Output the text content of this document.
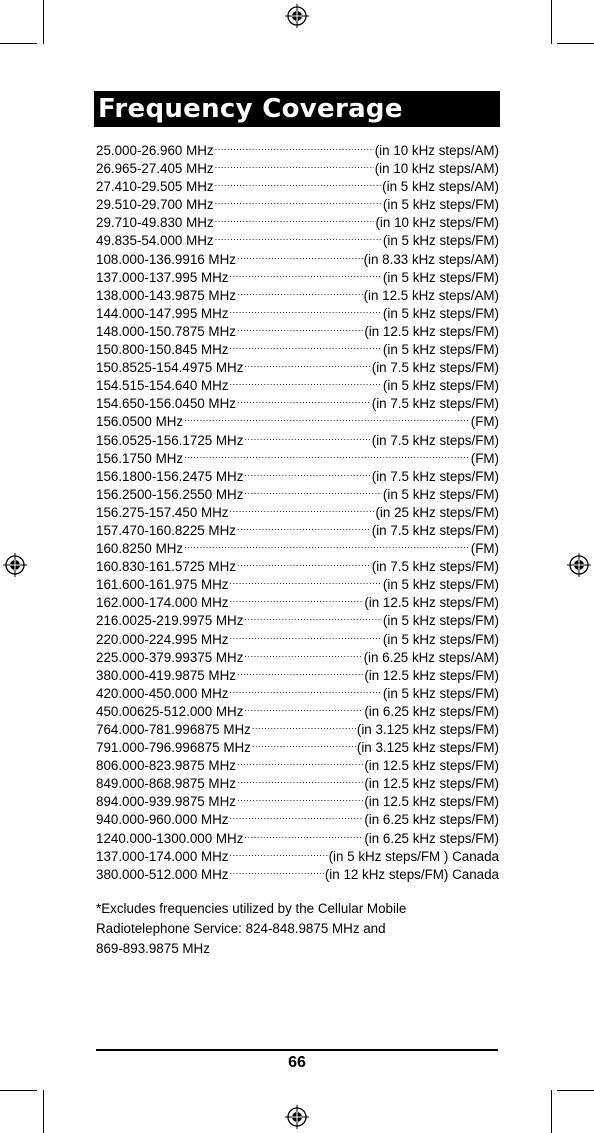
Frequency Coverage
25.000-26.960 MHz .....	(in 10 kHz steps/AM)
26.965-27.405 MHz .....	(in 10 kHz steps/AM)
27.410-29.505 MHz .....	(in 5 kHz steps/AM)
29.510-29.700 MHz .....	(in 5 kHz steps/FM)
29.710-49.830 MHz .....	(in 10 kHz steps/FM)
49.835-54.000 MHz .....	(in 5 kHz steps/FM)
108.000-136.9916 MHz .....	(in 8.33 kHz steps/AM)
137.000-137.995 MHz .....	(in 5 kHz steps/FM)
138.000-143.9875 MHz .....	(in 12.5 kHz steps/AM)
144.000-147.995 MHz .....	(in 5 kHz steps/FM)
148.000-150.7875 MHz .....	(in 12.5 kHz steps/FM)
150.800-150.845 MHz .....	(in 5 kHz steps/FM)
150.8525-154.4975 MHz .....	(in 7.5 kHz steps/FM)
154.515-154.640 MHz .....	(in 5 kHz steps/FM)
154.650-156.0450 MHz .....	(in 7.5 kHz steps/FM)
156.0500 MHz .....	(FM)
156.0525-156.1725 MHz .....	(in 7.5 kHz steps/FM)
156.1750 MHz .....	(FM)
156.1800-156.2475 MHz .....	(in 7.5 kHz steps/FM)
156.2500-156.2550 MHz .....	(in 5 kHz steps/FM)
156.275-157.450 MHz .....	(in 25 kHz steps/FM)
157.470-160.8225 MHz .....	(in 7.5 kHz steps/FM)
160.8250 MHz .....	(FM)
160.830-161.5725 MHz .....	(in 7.5 kHz steps/FM)
161.600-161.975 MHz .....	(in 5 kHz steps/FM)
162.000-174.000 MHz .....	(in 12.5 kHz steps/FM)
216.0025-219.9975 MHz .....	(in 5 kHz steps/FM)
220.000-224.995 MHz .....	(in 5 kHz steps/FM)
225.000-379.99375 MHz .....	(in 6.25 kHz steps/AM)
380.000-419.9875 MHz .....	(in 12.5 kHz steps/FM)
420.000-450.000 MHz .....	(in 5 kHz steps/FM)
450.00625-512.000 MHz .....	(in 6.25 kHz steps/FM)
764.000-781.996875 MHz .....	(in 3.125 kHz steps/FM)
791.000-796.996875 MHz .....	(in 3.125 kHz steps/FM)
806.000-823.9875 MHz .....	(in 12.5 kHz steps/FM)
849.000-868.9875 MHz .....	(in 12.5 kHz steps/FM)
894.000-939.9875 MHz .....	(in 12.5 kHz steps/FM)
940.000-960.000 MHz .....	(in 6.25 kHz steps/FM)
1240.000-1300.000 MHz .....	(in 6.25 kHz steps/FM)
137.000-174.000 MHz .....	(in 5 kHz steps/FM ) Canada
380.000-512.000 MHz .....	(in 12 kHz steps/FM) Canada

*Excludes frequencies utilized by the Cellular Mobile

Radiotelephone Service: 824-848.9875 MHz and

869-893.9875 MHz

66
